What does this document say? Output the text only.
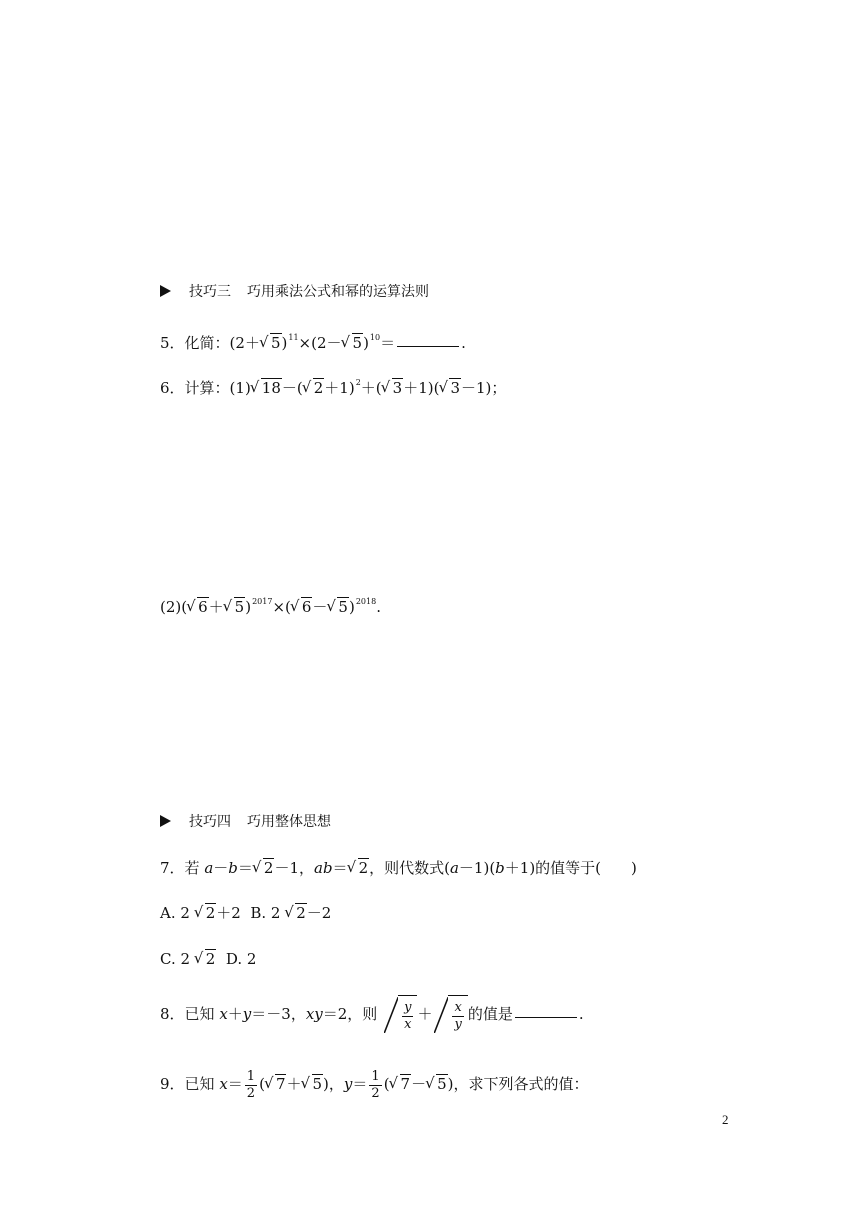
技巧三 巧用乘法公式和幂的运算法则
5．化简：(2＋ √ 5)$^{11}$×(2－ √ 5)$^{10}$＝	.
6．计算：(1) √ 18－( √ 2＋1)$^2$＋( √ 3＋1)( √ 3－1)；
(2)( √ 6＋ √ 5)$^{2017}$×( √ 6－ √ 5)$^{2018}$.
技巧四 巧用整体思想
7．若 a－b＝ √ 2－1，ab＝ √ 2，则代数式(a－1)(b＋1)的值等于(　　)
A. 2 √ 2＋2 B. 2 √ 2－2
C. 2 √ 2 D. 2
8．已知 x＋y＝－3，xy＝2，则 $\frac{y}{x} + \frac{x}{y}$ 的值是	.
9．已知 $x= \frac{1}{2}$ ( √ 7＋ √ 5)，$y= \frac{1}{2}$ ( √ 7－ √ 5)，求下列各式的值：
2
